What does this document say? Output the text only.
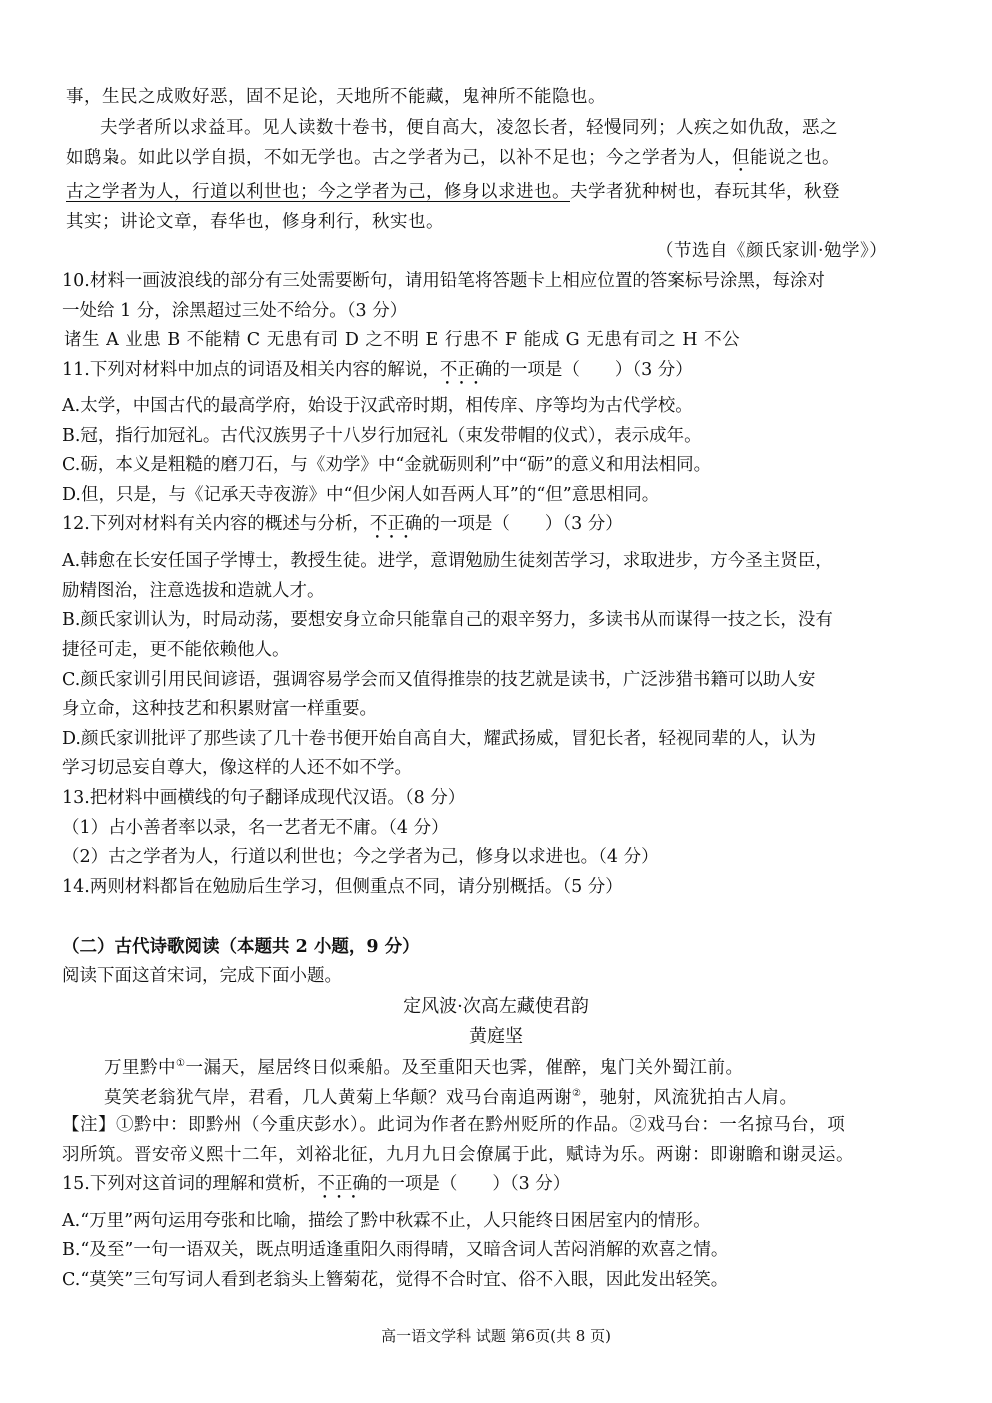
事，生民之成败好恶，固不足论，天地所不能藏，鬼神所不能隐也。
夫学者所以求益耳。见人读数十卷书，便自高大，凌忽长者，轻慢同列；人疾之如仇敌，恶之
如鸱枭。如此以学自损，不如无学也。古之学者为己，以补不足也；今之学者为人，但能说之也。
古之学者为人，行道以利世也；今之学者为己，修身以求进也。夫学者犹种树也，春玩其华，秋登
其实；讲论文章，春华也，修身利行，秋实也。
（节选自《颜氏家训·勉学》）
10.材料一画波浪线的部分有三处需要断句，请用铅笔将答题卡上相应位置的答案标号涂黑，每涂对
一处给 1 分，涂黑超过三处不给分。（3 分）
诸生 A 业患 B 不能精 C 无患有司 D 之不明 E 行患不 F 能成 G 无患有司之 H 不公
11.下列对材料中加点的词语及相关内容的解说，不正确
•••
的一项是（　　）（3 分）
A.太学，中国古代的最高学府，始设于汉武帝时期，相传庠、序等均为古代学校。
B.冠，指行加冠礼。古代汉族男子十八岁行加冠礼（束发带帽的仪式），表示成年。
C.砺，本义是粗糙的磨刀石，与《劝学》中“金就砺则利”中“砺”的意义和用法相同。
D.但，只是，与《记承天寺夜游》中“但少闲人如吾两人耳”的“但”意思相同。
12.下列对材料有关内容的概述与分析，不正确
•••
的一项是（　　）（3 分）
A.韩愈在长安任国子学博士，教授生徒。进学，意谓勉励生徒刻苦学习，求取进步，方今圣主贤臣，
励精图治，注意选拔和造就人才。
B.颜氏家训认为，时局动荡，要想安身立命只能靠自己的艰辛努力，多读书从而谋得一技之长，没有
捷径可走，更不能依赖他人。
C.颜氏家训引用民间谚语，强调容易学会而又值得推崇的技艺就是读书，广泛涉猎书籍可以助人安
身立命，这种技艺和积累财富一样重要。
D.颜氏家训批评了那些读了几十卷书便开始自高自大，耀武扬威，冒犯长者，轻视同辈的人，认为
学习切忌妄自尊大，像这样的人还不如不学。
13.把材料中画横线的句子翻译成现代汉语。（8 分）
（1）占小善者率以录，名一艺者无不庸。（4 分）
（2）古之学者为人，行道以利世也；今之学者为己，修身以求进也。（4 分）
14.两则材料都旨在勉励后生学习，但侧重点不同，请分别概括。（5 分）
（二）古代诗歌阅读（本题共 2 小题，9 分）
阅读下面这首宋词，完成下面小题。
定风波·次高左藏使君韵
黄庭坚
万里黔中①一漏天，屋居终日似乘船。及至重阳天也霁，催醉，鬼门关外蜀江前。
莫笑老翁犹气岸，君看，几人黄菊上华颠？戏马台南追两谢②，驰射，风流犹拍古人肩。
【注】①黔中：即黔州（今重庆彭水）。此词为作者在黔州贬所的作品。②戏马台：一名掠马台，项
羽所筑。晋安帝义熙十二年，刘裕北征，九月九日会僚属于此，赋诗为乐。两谢：即谢瞻和谢灵运。
15.下列对这首词的理解和赏析，不正确
•••
的一项是（　　）（3 分）
A.“万里”两句运用夸张和比喻，描绘了黔中秋霖不止，人只能终日困居室内的情形。
B.“及至”一句一语双关，既点明适逢重阳久雨得晴，又暗含词人苦闷消解的欢喜之情。
C.“莫笑”三句写词人看到老翁头上簪菊花，觉得不合时宜、俗不入眼，因此发出轻笑。
高一语文学科 试题 第6页(共 8 页)
